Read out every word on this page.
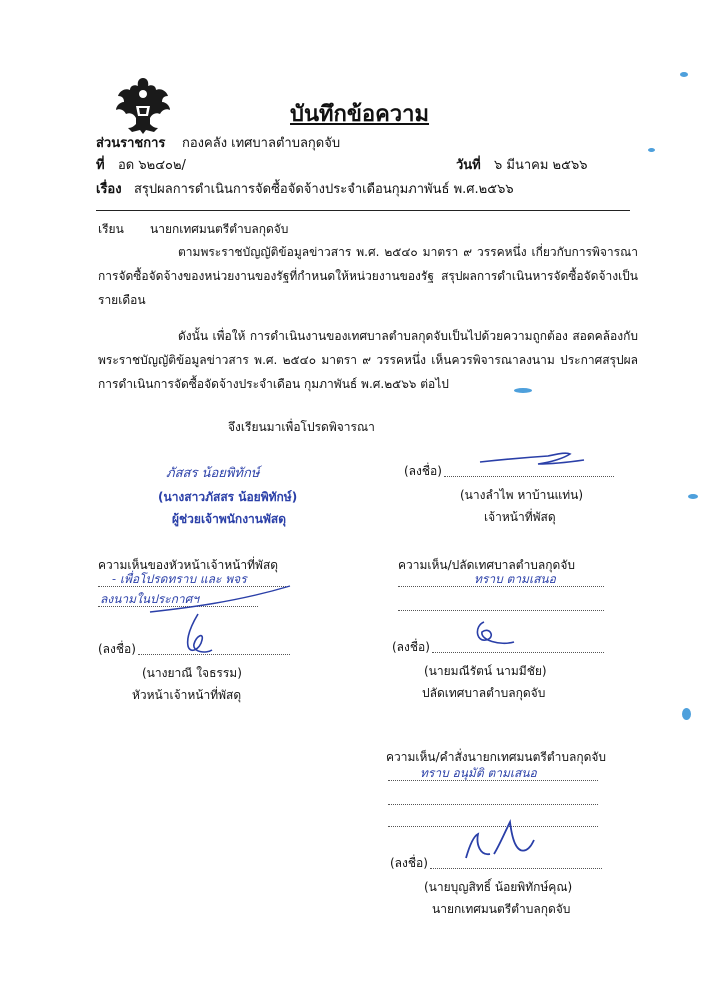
บันทึกข้อความ
ส่วนราชการ กองคลัง เทศบาลตำบลกุดจับ
ที่ อด ๖๒๔๐๒/	วันที่ ๖ มีนาคม ๒๕๖๖
เรื่อง สรุปผลการดำเนินการจัดซื้อจัดจ้างประจำเดือนกุมภาพันธ์ พ.ศ.๒๕๖๖
เรียน นายกเทศมนตรีตำบลกุดจับ
ตามพระราชบัญญัติข้อมูลข่าวสาร พ.ศ. ๒๕๔๐ มาตรา ๙ วรรคหนึ่ง เกี่ยวกับการพิจารณาการจัดซื้อจัดจ้างของหน่วยงานของรัฐที่กำหนดให้หน่วยงานของรัฐ สรุปผลการดำเนินหารจัดซื้อจัดจ้างเป็นรายเดือน
ดังนั้น เพื่อให้ การดำเนินงานของเทศบาลตำบลกุดจับเป็นไปด้วยความถูกต้อง สอดคล้องกับ พระราชบัญญัติข้อมูลข่าวสาร พ.ศ. ๒๕๔๐ มาตรา ๙ วรรคหนึ่ง เห็นควรพิจารณาลงนาม ประกาศสรุปผลการดำเนินการจัดซื้อจัดจ้างประจำเดือน กุมภาพันธ์ พ.ศ.๒๕๖๖ ต่อไป
จึงเรียนมาเพื่อโปรดพิจารณา
ภัสสร น้อยพิทักษ์
(นางสาวภัสสร น้อยพิทักษ์)
ผู้ช่วยเจ้าพนักงานพัสดุ
(ลงชื่อ)
(นางลำไพ หาบ้านแท่น)
เจ้าหน้าที่พัสดุ
ความเห็นของหัวหน้าเจ้าหน้าที่พัสดุ
- เพื่อโปรดทราบ และ พจร
ลงนามในประกาศฯ
(ลงชื่อ)
(นางยาณี ใจธรรม)
หัวหน้าเจ้าหน้าที่พัสดุ
ความเห็น/ปลัดเทศบาลตำบลกุดจับ
ทราบ ตามเสนอ
(ลงชื่อ)
(นายมณีรัตน์ นามมีชัย)
ปลัดเทศบาลตำบลกุดจับ
ความเห็น/คำสั่งนายกเทศมนตรีตำบลกุดจับ
ทราบ อนุมัติ ตามเสนอ
(ลงชื่อ)
(นายบุญสิทธิ์ น้อยพิทักษ์คุณ)
นายกเทศมนตรีตำบลกุดจับ
